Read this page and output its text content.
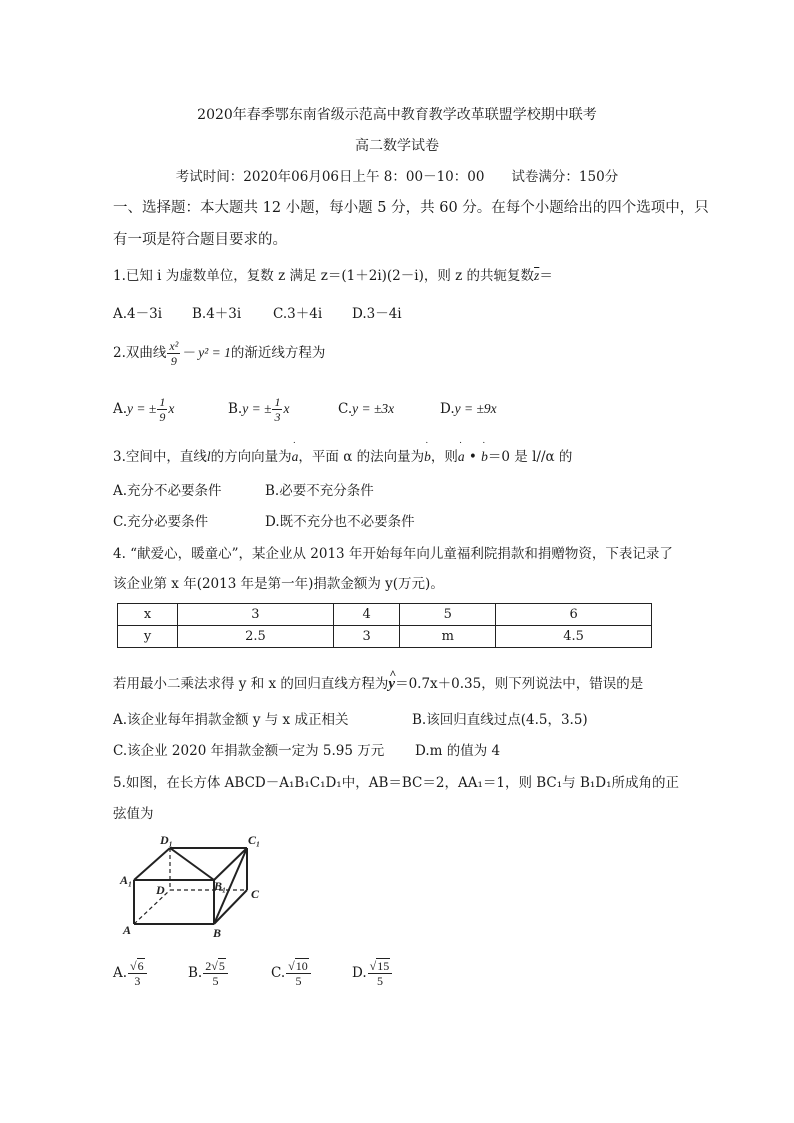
2020年春季鄂东南省级示范高中教育教学改革联盟学校期中联考
高二数学试卷
考试时间：2020年06月06日上午 8：00－10：00　　试卷满分：150分
一、选择题：本大题共 12 小题，每小题 5 分，共 60 分。在每个小题给出的四个选项中，只
有一项是符合题目要求的。
1.已知 i 为虚数单位，复数 z 满足 z＝(1＋2i)(2－i)，则 z 的共轭复数$\overline{z}=$
A.4－3i B.4＋3i C.3＋4i D.3－4i
2.双曲线 $\frac{\text{x²}}{9} - y^2 = 1$的渐近线方程为
A.y = ± $\frac{1}{9}$ x	B.y = ± $\frac{1}{3}$ x	C.y = ±3x	D.y = ±9x
3.空间中，直线l的方向向量为˙ a，平面 α 的法向量为˙ b，则˙ a • ˙ b＝0 是 l//α 的
A.充分不必要条件	B.必要不充分条件
C.充分必要条件	D.既不充分也不必要条件
4. “献爱心，暖童心”，某企业从 2013 年开始每年向儿童福利院捐款和捐赠物资，下表记录了
该企业第 x 年(2013 年是第一年)捐款金额为 y(万元)。
x	3	4	5	6
y	2.5	3	m	4.5
若用最小二乘法求得 y 和 x 的回归直线方程为y
^
＝0.7x＋0.35，则下列说法中，错误的是
A.该企业每年捐款金额 y 与 x 成正相关	B.该回归直线过点(4.5，3.5)
C.该企业 2020 年捐款金额一定为 5.95 万元 D.m 的值为 4
5.如图，在长方体 ABCD－A₁B₁C₁D₁中，AB＝BC＝2，AA₁＝1，则 BC₁与 B₁D₁所成角的正
弦值为
D₁	C₁
A₁	B₁
D	C
A	B
A. $\frac{√6}{3}$	B. $\frac{2√5}{5}$	C. $\frac{√10}{5}$	D. $\frac{√15}{5}$
